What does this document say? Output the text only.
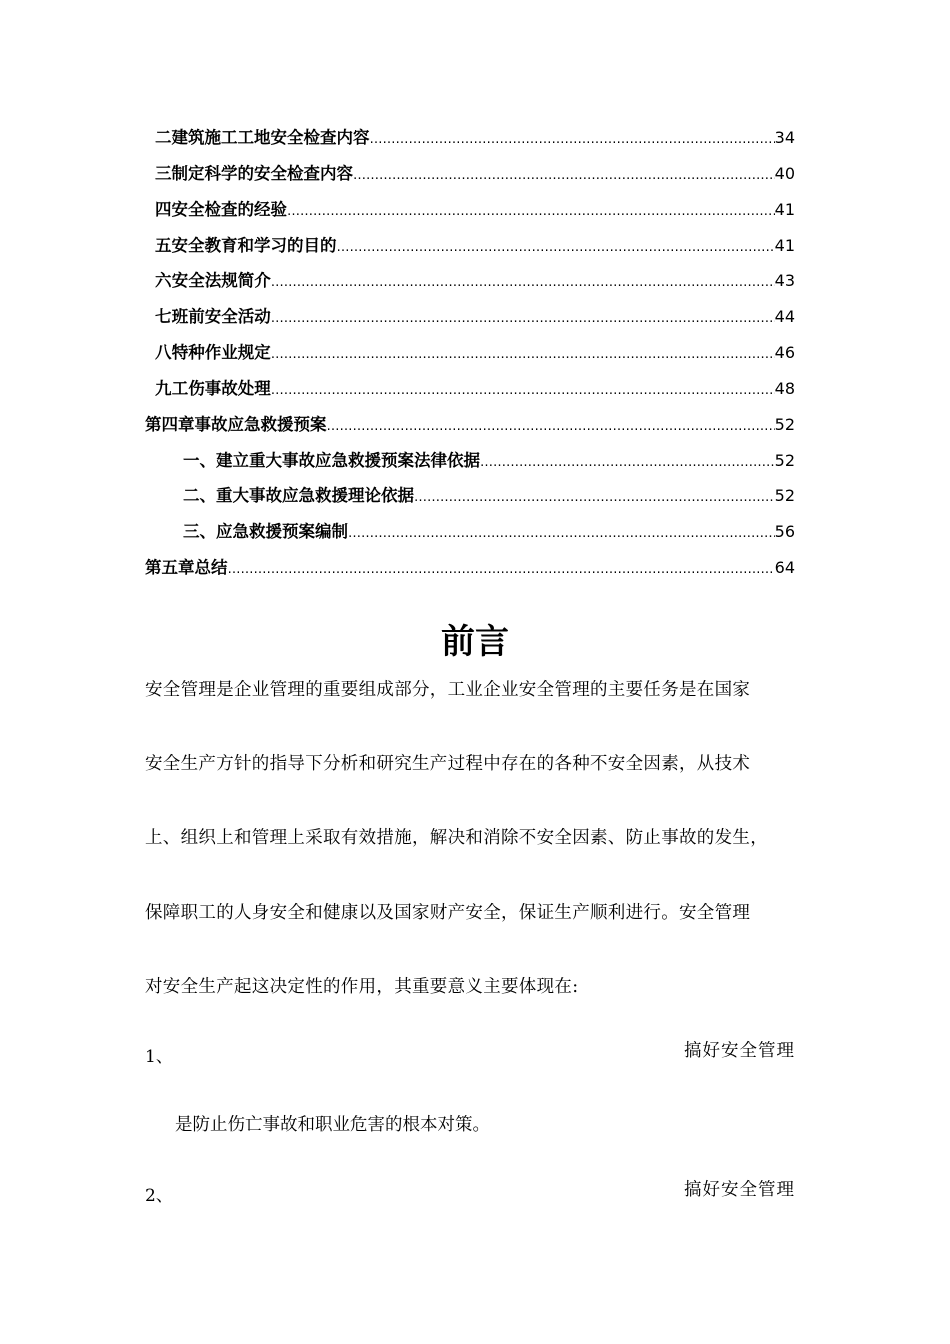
二 建筑施工工地安全检查内容 ……………………………………………………………………………………………………………………………………………………………………………	34
三 制定科学的安全检查内容 ……………………………………………………………………………………………………………………………………………………………………………	40
四 安全检查的经验 ……………………………………………………………………………………………………………………………………………………………………………	41
五 安全教育和学习的目的 ……………………………………………………………………………………………………………………………………………………………………………	41
六 安全法规简介 ……………………………………………………………………………………………………………………………………………………………………………	43
七 班前安全活动 ……………………………………………………………………………………………………………………………………………………………………………	44
八 特种作业规定 ……………………………………………………………………………………………………………………………………………………………………………	46
九 工伤事故处理 ……………………………………………………………………………………………………………………………………………………………………………	48
第四章 事故应急救援预案 ……………………………………………………………………………………………………………………………………………………………………………	52
一、建立重大事故应急救援预案法律依据 ……………………………………………………………………………………………………………………………………………………………………………	52
二、重大事故应急救援理论依据 ……………………………………………………………………………………………………………………………………………………………………………	52
三、应急救援预案编制 ……………………………………………………………………………………………………………………………………………………………………………	56
第五章 总结 ……………………………………………………………………………………………………………………………………………………………………………	64
前言
安全管理是企业管理的重要组成部分，工业企业安全管理的主要任务是在国家
安全生产方针的指导下分析和研究生产过程中存在的各种不安全因素，从技术
上、组织上和管理上采取有效措施，解决和消除不安全因素、防止事故的发生，
保障职工的人身安全和健康以及国家财产安全，保证生产顺利进行。安全管理
对安全生产起这决定性的作用，其重要意义主要体现在:
1、	搞好安全管理
是防止伤亡事故和职业危害的根本对策。
2、	搞好安全管理
